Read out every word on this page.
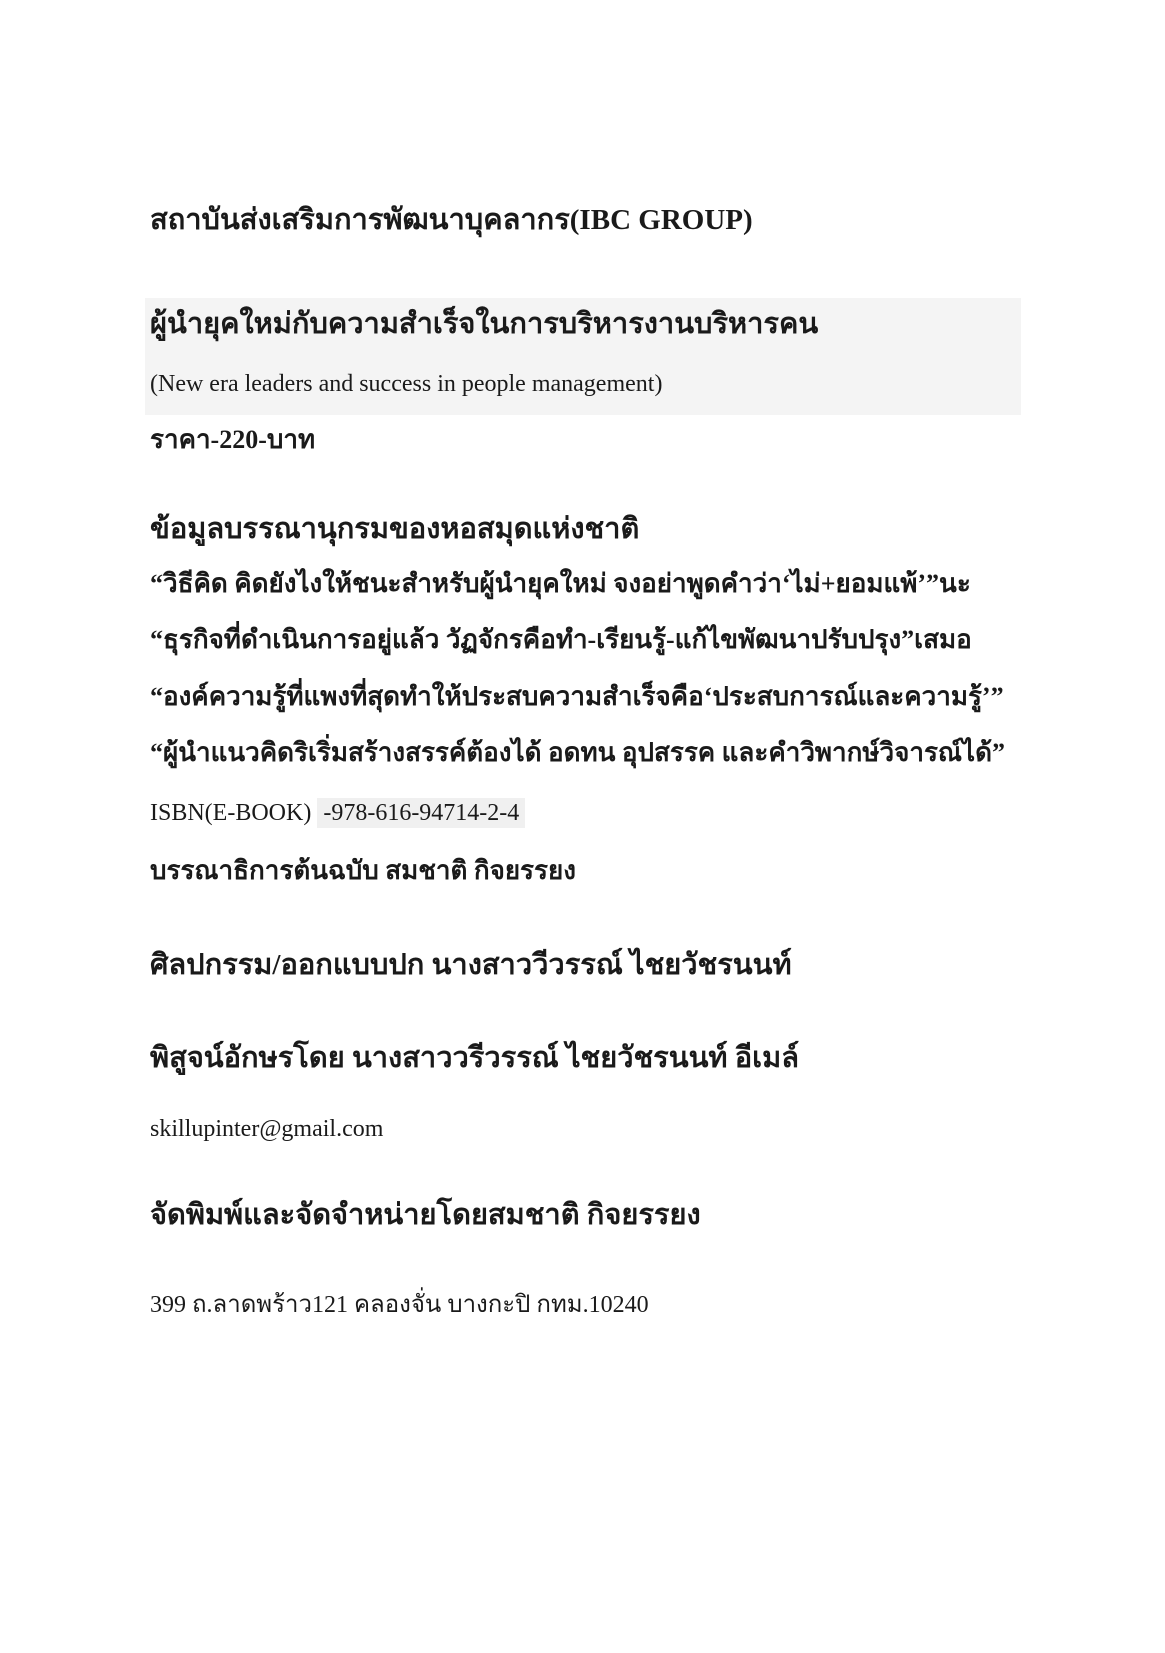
สถาบันส่งเสริมการพัฒนาบุคลากร(IBC GROUP)
ผู้นำยุคใหม่กับความสำเร็จในการบริหารงานบริหารคน
(New era leaders and success in people management)
ราคา-220-บาท
ข้อมูลบรรณานุกรมของหอสมุดแห่งชาติ
“วิธีคิด คิดยังไงให้ชนะสำหรับผู้นำยุคใหม่ จงอย่าพูดคำว่า‘ไม่+ยอมแพ้’”นะ
“ธุรกิจที่ดำเนินการอยู่แล้ว วัฏจักรคือทำ-เรียนรู้-แก้ไขพัฒนาปรับปรุง”เสมอ
“องค์ความรู้ที่แพงที่สุดทำให้ประสบความสำเร็จคือ‘ประสบการณ์และความรู้’”
“ผู้นำแนวคิดริเริ่มสร้างสรรค์ต้องได้ อดทน อุปสรรค และคำวิพากษ์วิจารณ์ได้”
ISBN(E-BOOK) -978-616-94714-2-4
บรรณาธิการต้นฉบับ สมชาติ กิจยรรยง
ศิลปกรรม/ออกแบบปก นางสาววีวรรณ์ ไชยวัชรนนท์
พิสูจน์อักษรโดย นางสาววรีวรรณ์ ไชยวัชรนนท์ อีเมล์
skillupinter@gmail.com
จัดพิมพ์และจัดจำหน่ายโดยสมชาติ กิจยรรยง
399 ถ.ลาดพร้าว121 คลองจั่น บางกะปิ กทม.10240
